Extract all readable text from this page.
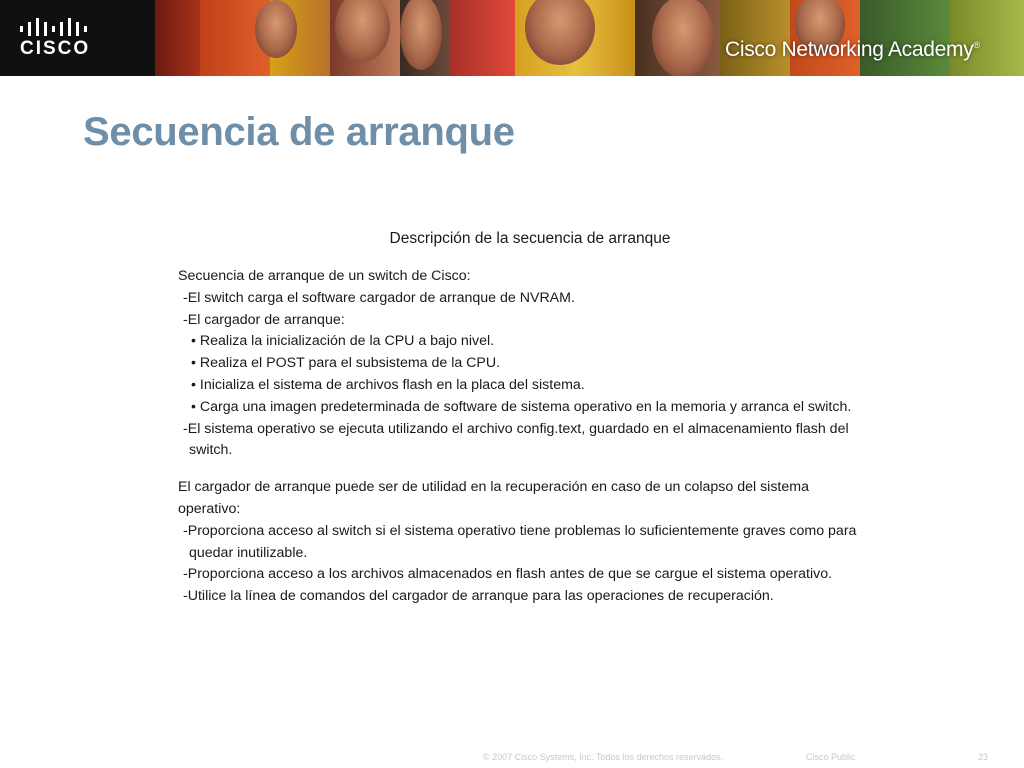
CISCO	Cisco Networking Academy®
Secuencia de arranque
Descripción de la secuencia de arranque
Secuencia de arranque de un switch de Cisco:
-El switch carga el software cargador de arranque de NVRAM.
-El cargador de arranque:
• Realiza la inicialización de la CPU a bajo nivel.
• Realiza el POST para el subsistema de la CPU.
• Inicializa el sistema de archivos flash en la placa del sistema.
• Carga una imagen predeterminada de software de sistema operativo en la memoria y arranca el switch.
-El sistema operativo se ejecuta utilizando el archivo config.text, guardado en el almacenamiento flash del
switch.
El cargador de arranque puede ser de utilidad en la recuperación en caso de un colapso del sistema
operativo:
-Proporciona acceso al switch si el sistema operativo tiene problemas lo suficientemente graves como para
quedar inutilizable.
-Proporciona acceso a los archivos almacenados en flash antes de que se cargue el sistema operativo.
-Utilice la línea de comandos del cargador de arranque para las operaciones de recuperación.
© 2007 Cisco Systems, Inc. Todos los derechos reservados.	Cisco Public	23
